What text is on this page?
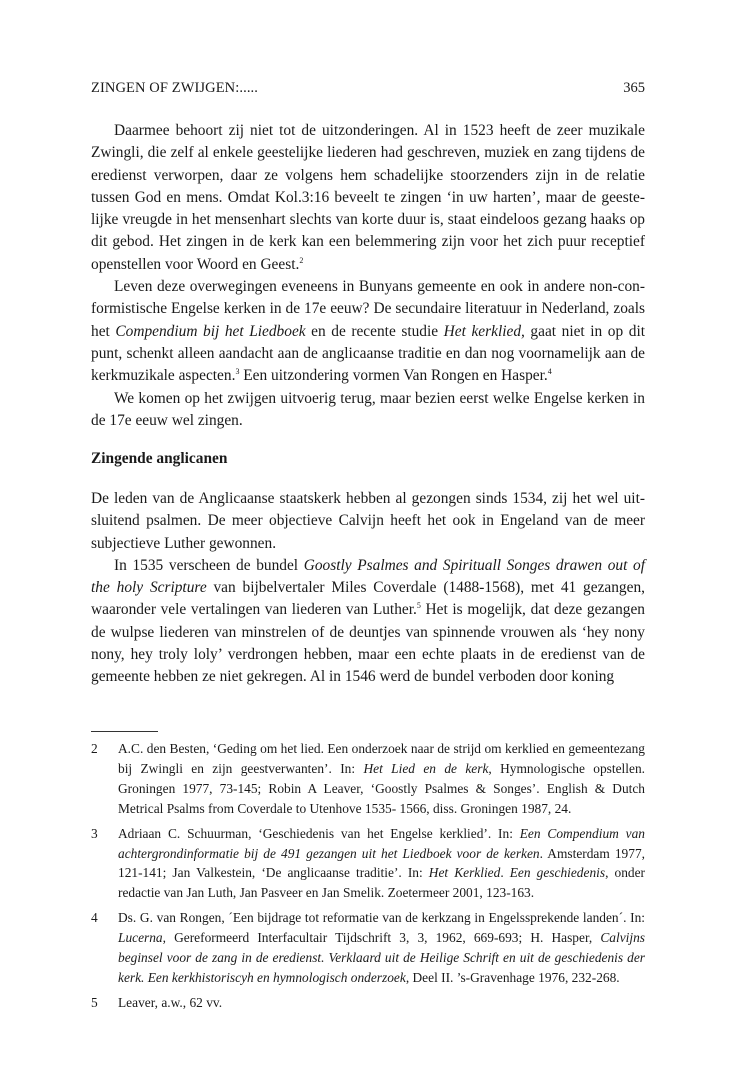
ZINGEN OF ZWIJGEN:.....	365

Daarmee behoort zij niet tot de uitzonderingen. Al in 1523 heeft de zeer muzikale Zwingli, die zelf al enkele geestelijke liederen had geschreven, muziek en zang tijdens de eredienst verworpen, daar ze volgens hem schadelijke stoorzenders zijn in de relatie tussen God en mens. Omdat Kol.3:16 beveelt te zingen ‘in uw harten’, maar de geestelijke vreugde in het mensenhart slechts van korte duur is, staat eindeloos gezang haaks op dit gebod. Het zingen in de kerk kan een belemmering zijn voor het zich puur receptief openstellen voor Woord en Geest.$^2$

Leven deze overwegingen eveneens in Bunyans gemeente en ook in andere non-conformistische Engelse kerken in de 17e eeuw? De secundaire literatuur in Nederland, zoals het Compendium bij het Liedboek en de recente studie Het kerklied, gaat niet in op dit punt, schenkt alleen aandacht aan de anglicaanse traditie en dan nog voornamelijk aan de kerkmuzikale aspecten.$^3$ Een uitzondering vormen Van Rongen en Hasper.$^4$

We komen op het zwijgen uitvoerig terug, maar bezien eerst welke Engelse kerken in de 17e eeuw wel zingen.

Zingende anglicanen

De leden van de Anglicaanse staatskerk hebben al gezongen sinds 1534, zij het wel uitsluitend psalmen. De meer objectieve Calvijn heeft het ook in Engeland van de meer subjectieve Luther gewonnen.

In 1535 verscheen de bundel Goostly Psalmes and Spirituall Songes drawen out of the holy Scripture van bijbelvertaler Miles Coverdale (1488-1568), met 41 gezangen, waaronder vele vertalingen van liederen van Luther.$^5$ Het is mogelijk, dat deze gezangen de wulpse liederen van minstrelen of de deuntjes van spinnende vrouwen als ‘hey nony nony, hey troly loly’ verdrongen hebben, maar een echte plaats in de eredienst van de gemeente hebben ze niet gekregen. Al in 1546 werd de bundel verboden door koning

2 A.C. den Besten, ‘Geding om het lied. Een onderzoek naar de strijd om kerklied en gemeentezang bij Zwingli en zijn geestverwanten’. In: Het Lied en de kerk, Hymnologische opstellen. Groningen 1977, 73-145; Robin A Leaver, ‘Goostly Psalmes & Songes’. English & Dutch Metrical Psalms from Coverdale to Utenhove 1535- 1566, diss. Groningen 1987, 24.
3 Adriaan C. Schuurman, ‘Geschiedenis van het Engelse kerklied’. In: Een Compendium van achtergrondinformatie bij de 491 gezangen uit het Liedboek voor de kerken. Amsterdam 1977, 121-141; Jan Valkestein, ‘De anglicaanse traditie’. In: Het Kerklied. Een geschiedenis, onder redactie van Jan Luth, Jan Pasveer en Jan Smelik. Zoetermeer 2001, 123-163.
4 Ds. G. van Rongen, ´Een bijdrage tot reformatie van de kerkzang in Engelssprekende landen´. In: Lucerna, Gereformeerd Interfacultair Tijdschrift 3, 3, 1962, 669-693; H. Hasper, Calvijns beginsel voor de zang in de eredienst. Verklaard uit de Heilige Schrift en uit de geschiedenis der kerk. Een kerkhistoriscyh en hymnologisch onderzoek, Deel II. ’s-Gravenhage 1976, 232-268.
5 Leaver, a.w., 62 vv.
